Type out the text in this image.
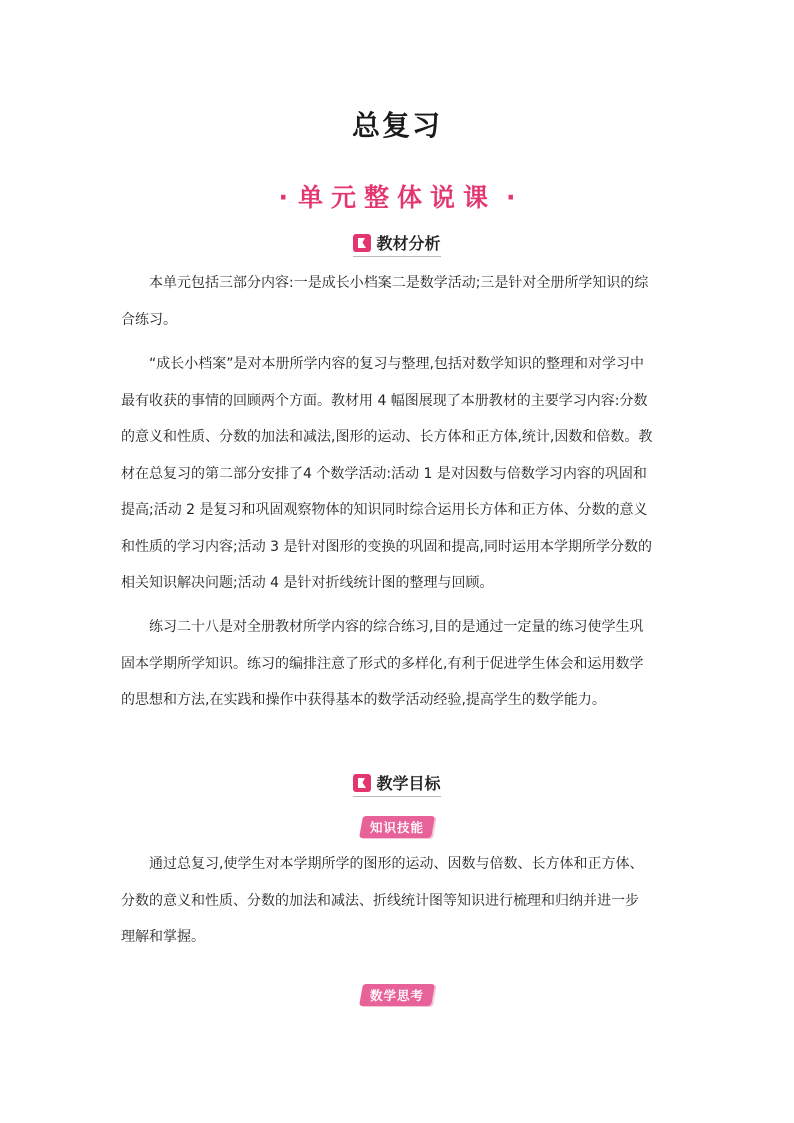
总复习
· 单元整体说课 ·
教材分析
本单元包括三部分内容:一是成长小档案二是数学活动;三是针对全册所学知识的综
合练习。
“成长小档案”是对本册所学内容的复习与整理,包括对数学知识的整理和对学习中
最有收获的事情的回顾两个方面。教材用 4 幅图展现了本册教材的主要学习内容:分数
的意义和性质、分数的加法和减法,图形的运动、长方体和正方体,统计,因数和倍数。教
材在总复习的第二部分安排了4 个数学活动:活动 1 是对因数与倍数学习内容的巩固和
提高;活动 2 是复习和巩固观察物体的知识同时综合运用长方体和正方体、分数的意义
和性质的学习内容;活动 3 是针对图形的变换的巩固和提高,同时运用本学期所学分数的
相关知识解决问题;活动 4 是针对折线统计图的整理与回顾。
练习二十八是对全册教材所学内容的综合练习,目的是通过一定量的练习使学生巩
固本学期所学知识。练习的编排注意了形式的多样化,有利于促进学生体会和运用数学
的思想和方法,在实践和操作中获得基本的数学活动经验,提高学生的数学能力。
教学目标
知识技能
通过总复习,使学生对本学期所学的图形的运动、因数与倍数、长方体和正方体、
分数的意义和性质、分数的加法和减法、折线统计图等知识进行梳理和归纳并进一步
理解和掌握。
数学思考
